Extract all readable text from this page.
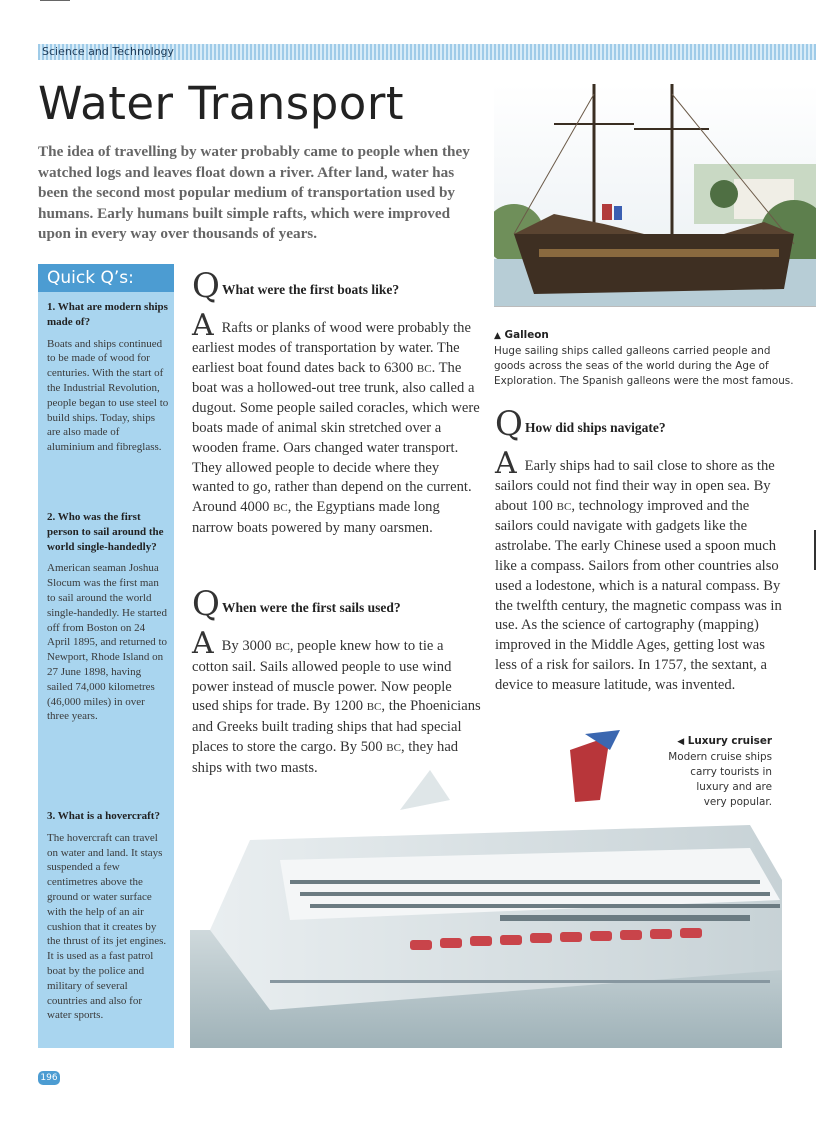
Science and Technology
Water Transport
The idea of travelling by water probably came to people when they watched logs and leaves float down a river. After land, water has been the second most popular medium of transportation used by humans. Early humans built simple rafts, which were improved upon in every way over thousands of years.
▲ Galleon
Huge sailing ships called galleons carried people and goods across the seas of the world during the Age of Exploration. The Spanish galleons were the most famous.
Quick Q’s:
1. What are modern ships made of?
Boats and ships continued to be made of wood for centuries. With the start of the Industrial Revolution, people began to use steel to build ships. Today, ships are also made of aluminium and fibreglass.
2. Who was the first person to sail around the world single-handedly?
American seaman Joshua Slocum was the first man to sail around the world single-handedly. He started off from Boston on 24 April 1895, and returned to Newport, Rhode Island on 27 June 1898, having sailed 74,000 kilometres (46,000 miles) in over three years.
3. What is a hovercraft?
The hovercraft can travel on water and land. It stays suspended a few centimetres above the ground or water surface with the help of an air cushion that it creates by the thrust of its jet engines. It is used as a fast patrol boat by the police and military of several countries and also for water sports.
Q What were the first boats like?
A Rafts or planks of wood were probably the earliest modes of transportation by water. The earliest boat found dates back to 6300 BC. The boat was a hollowed-out tree trunk, also called a dugout. Some people sailed coracles, which were boats made of animal skin stretched over a wooden frame. Oars changed water transport. They allowed people to decide where they wanted to go, rather than depend on the current. Around 4000 BC, the Egyptians made long narrow boats powered by many oarsmen.
Q When were the first sails used?
A By 3000 BC, people knew how to tie a cotton sail. Sails allowed people to use wind power instead of muscle power. Now people used ships for trade. By 1200 BC, the Phoenicians and Greeks built trading ships that had special places to store the cargo. By 500 BC, they had ships with two masts.
Q How did ships navigate?
A Early ships had to sail close to shore as the sailors could not find their way in open sea. By about 100 BC, technology improved and the sailors could navigate with gadgets like the astrolabe. The early Chinese used a spoon much like a compass. Sailors from other countries also used a lodestone, which is a natural compass. By the twelfth century, the magnetic compass was in use. As the science of cartography (mapping) improved in the Middle Ages, getting lost was less of a risk for sailors. In 1757, the sextant, a device to measure latitude, was invented.
◀ Luxury cruiser
Modern cruise ships
carry tourists in
luxury and are
very popular.
196
